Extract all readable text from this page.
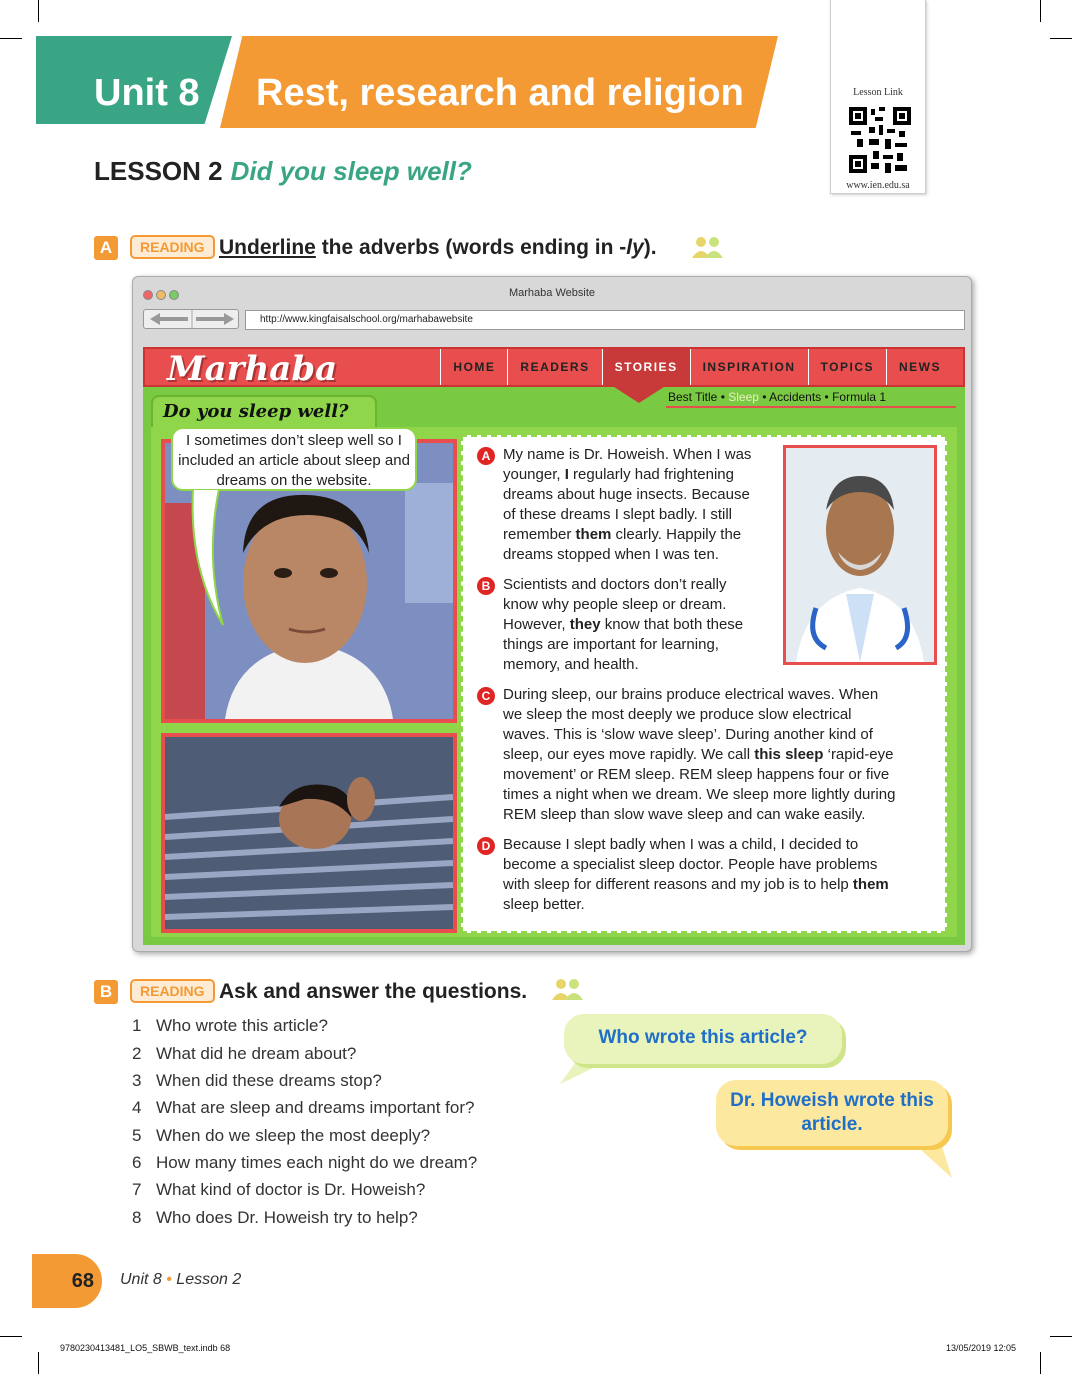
Unit 8 Rest, research and religion	Lesson Link
www.ien.edu.sa
LESSON 2 Did you sleep well?
A	READING Underline the adverbs (words ending in -ly).
Marhaba Website
http://www.kingfaisalschool.org/marhabawebsite
Marhaba	HOME	READERS	STORIES	INSPIRATION	TOPICS	NEWS
Best Title • Sleep • Accidents • Formula 1
Do you sleep well?
I sometimes don’t sleep well so I included an article about sleep and dreams on the website.
A My name is Dr. Howeish. When I was
younger, I regularly had frightening
dreams about huge insects. Because
of these dreams I slept badly. I still
remember them clearly. Happily the
dreams stopped when I was ten.
B Scientists and doctors don’t really
know why people sleep or dream.
However, they know that both these
things are important for learning,
memory, and health.
C During sleep, our brains produce electrical waves. When
we sleep the most deeply we produce slow electrical
waves. This is ‘slow wave sleep’. During another kind of
sleep, our eyes move rapidly. We call this sleep ‘rapid-eye
movement’ or REM sleep. REM sleep happens four or five
times a night when we dream. We sleep more lightly during
REM sleep than slow wave sleep and can wake easily.
D Because I slept badly when I was a child, I decided to
become a specialist sleep doctor. People have problems
with sleep for different reasons and my job is to help them
sleep better.
B	READING Ask and answer the questions.
1 Who wrote this article?
2 What did he dream about?
3 When did these dreams stop?
4 What are sleep and dreams important for?
5 When do we sleep the most deeply?
6 How many times each night do we dream?
7 What kind of doctor is Dr. Howeish?
8 Who does Dr. Howeish try to help?
Who wrote this article?
Dr. Howeish wrote this article.
68	Unit 8 • Lesson 2
9780230413481_LO5_SBWB_text.indb 68	13/05/2019 12:05
